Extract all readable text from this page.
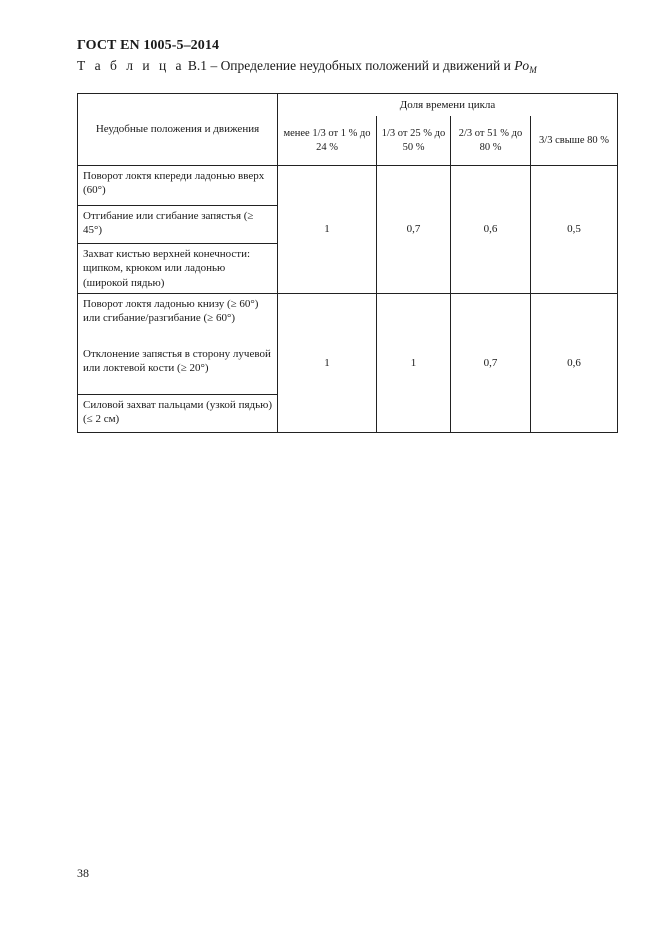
ГОСТ EN 1005-5–2014
Т а б л и ц а В.1 – Определение неудобных положений и движений и $Po_M$
Неудобные положения и движения	Доля времени цикла			
	менее 1/3 от 1 % до 24 %	1/3 от 25 % до 50 %	2/3 от 51 % до 80 %	3/3 свыше 80 %
Поворот локтя кпереди ладонью вверх (60°)	1	0,7	0,6	0,5
Отгибание или сгибание запястья (≥ 45°)				
Захват кистью верхней конечности: щипком, крюком или ладонью (широкой пядью)				
Поворот локтя ладонью книзу (≥ 60°) или сгибание/разгибание (≥ 60°)	1	1	0,7	0,6
Отклонение запястья в сторону лучевой или локтевой кости (≥ 20°)				
Силовой захват пальцами (узкой пядью) (≤ 2 см)				
38
